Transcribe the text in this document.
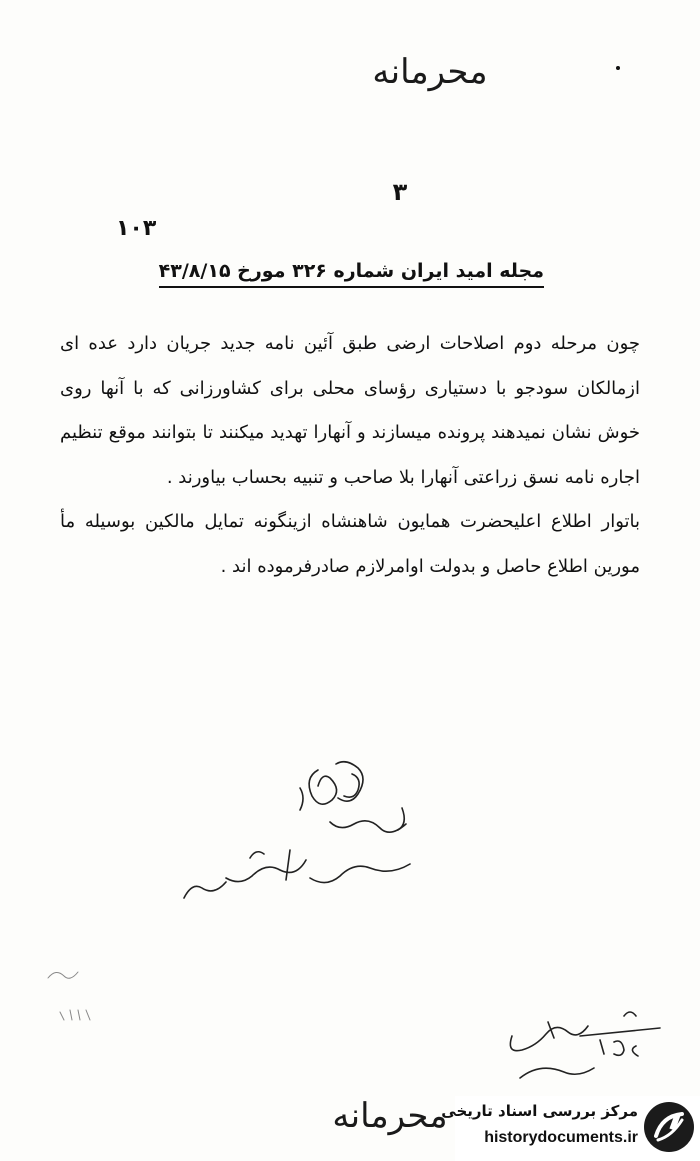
محرمانه
۳
۱۰۳
مجله امید ایران شماره ۳۲۶ مورخ ۴۳/۸/۱۵

چون مرحله دوم اصلاحات ارضی طبق آئین نامه جدید جریان دارد عده ای ازمالکان سودجو با دستیاری رؤسای محلی برای کشاورزانی که با آنها روی خوش نشان نمیدهند پرونده میسازند و آنهارا تهدید میکنند تا بتوانند موقع تنظیم اجاره نامه نسق زراعتی آنهارا بلا صاحب و تنبیه بحساب بیاورند .

باتوار اطلاع اعلیحضرت همایون شاهنشاه ازینگونه تمایل مالکین بوسیله مأ مورین اطلاع حاصل و بدولت اوامرلازم صادرفرموده اند .

محرمانه
مرکز بررسی اسناد تاریخی
historydocuments.ir
